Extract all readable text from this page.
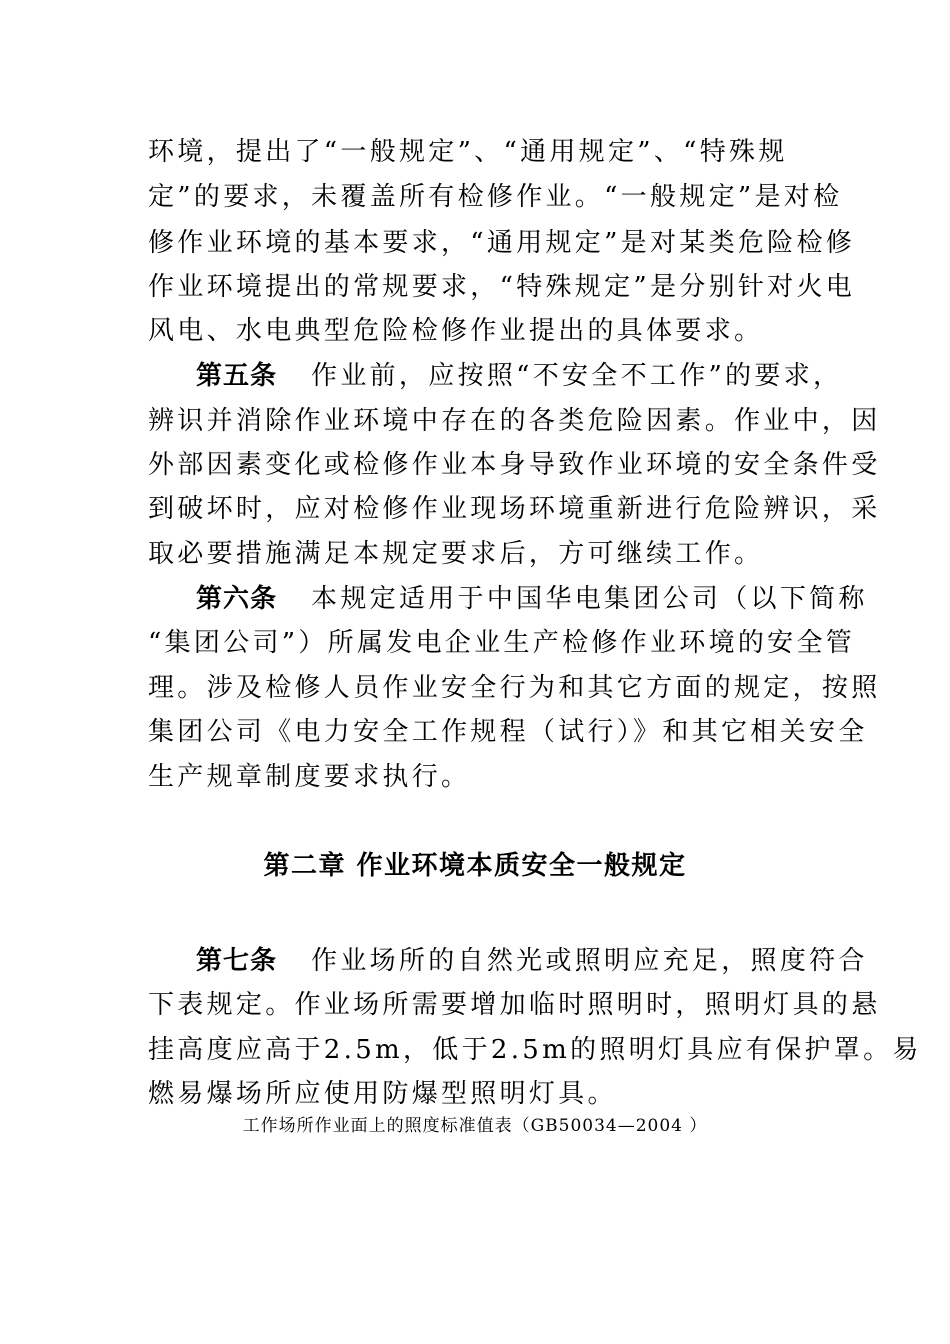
环境，提出了“一般规定”、“通用规定”、“特殊规
定”的要求，未覆盖所有检修作业。“一般规定”是对检
修作业环境的基本要求，“通用规定”是对某类危险检修
作业环境提出的常规要求，“特殊规定”是分别针对火电
风电、水电典型危险检修作业提出的具体要求。
第五条 作业前，应按照“不安全不工作”的要求，
辨识并消除作业环境中存在的各类危险因素。作业中，因
外部因素变化或检修作业本身导致作业环境的安全条件受
到破坏时，应对检修作业现场环境重新进行危险辨识，采
取必要措施满足本规定要求后，方可继续工作。
第六条 本规定适用于中国华电集团公司（以下简称
“集团公司”）所属发电企业生产检修作业环境的安全管
理。涉及检修人员作业安全行为和其它方面的规定，按照
集团公司《电力安全工作规程（试行）》和其它相关安全
生产规章制度要求执行。
第二章 作业环境本质安全一般规定
第七条 作业场所的自然光或照明应充足，照度符合
下表规定。作业场所需要增加临时照明时，照明灯具的悬
挂高度应高于2.5m，低于2.5m的照明灯具应有保护罩。易
燃易爆场所应使用防爆型照明灯具。
工作场所作业面上的照度标准值表（GB50034—2004 ）
